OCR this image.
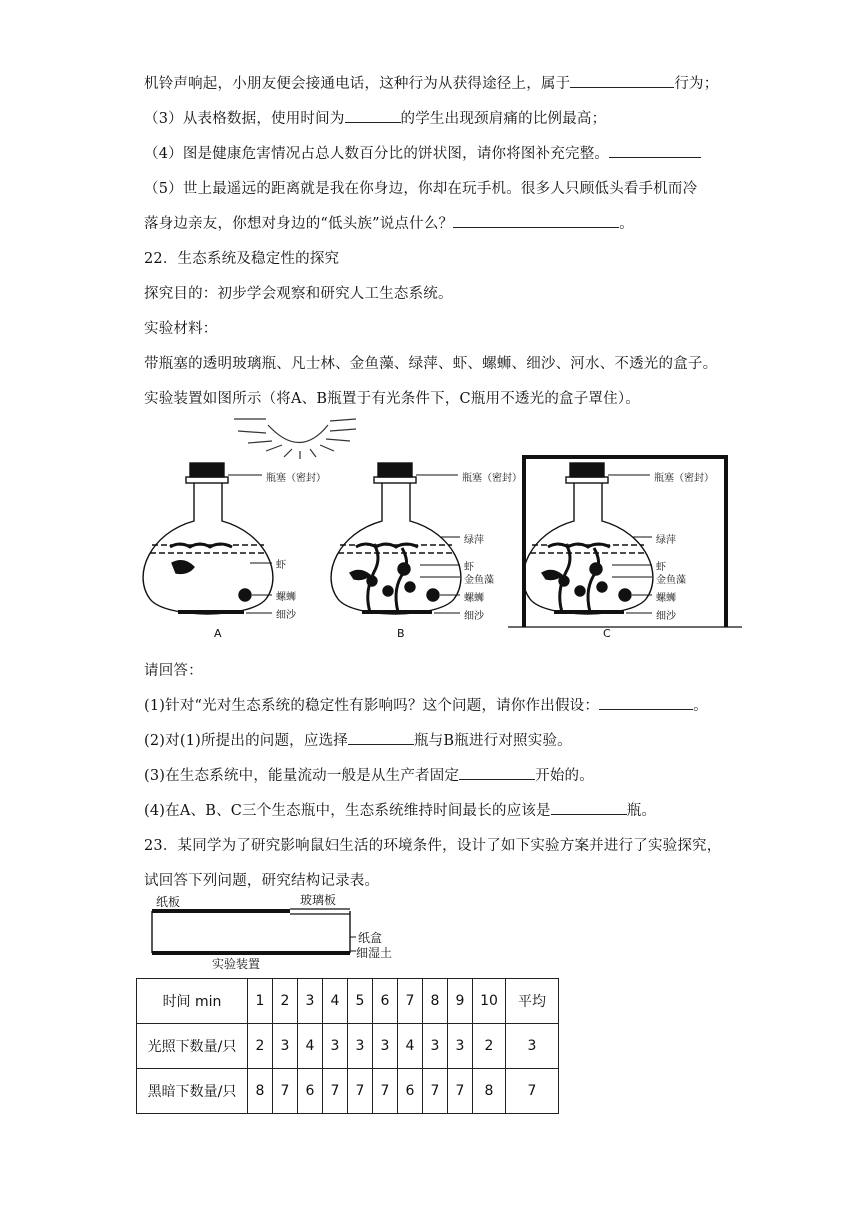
机铃声响起，小朋友便会接通电话，这种行为从获得途径上，属于	行为；
（3）从表格数据，使用时间为	的学生出现颈肩痛的比例最高；
（4）图是健康危害情况占总人数百分比的饼状图，请你将图补充完整。
（5）世上最遥远的距离就是我在你身边，你却在玩手机。很多人只顾低头看手机而冷
落身边亲友，你想对身边的“低头族”说点什么？	。
22．生态系统及稳定性的探究
探究目的：初步学会观察和研究人工生态系统。
实验材料：
带瓶塞的透明玻璃瓶、凡士林、金鱼藻、绿萍、虾、螺蛳、细沙、河水、不透光的盒子。
实验装置如图所示（将A、B瓶置于有光条件下，C瓶用不透光的盒子罩住）。
瓶塞（密封）
虾
螺蛳
细沙
瓶塞（密封）
绿萍
虾
金鱼藻
螺蛳
细沙
瓶塞（密封）
绿萍
虾
金鱼藻
螺蛳
细沙
A	B	C
请回答：
(1)针对“光对生态系统的稳定性有影响吗？这个问题，请你作出假设：	。
(2)对(1)所提出的问题，应选择	瓶与B瓶进行对照实验。
(3)在生态系统中，能量流动一般是从生产者固定	开始的。
(4)在A、B、C三个生态瓶中，生态系统维持时间最长的应该是	瓶。
23．某同学为了研究影响鼠妇生活的环境条件，设计了如下实验方案并进行了实验探究，
试回答下列问题，研究结构记录表。
纸板	玻璃板
纸盒
细湿土
实验装置
时间 min	1	2	3	4	5	6	7	8	9	10	平均
光照下数量/只	2	3	4	3	3	3	4	3	3	2	3
黑暗下数量/只	8	7	6	7	7	7	6	7	7	8	7
